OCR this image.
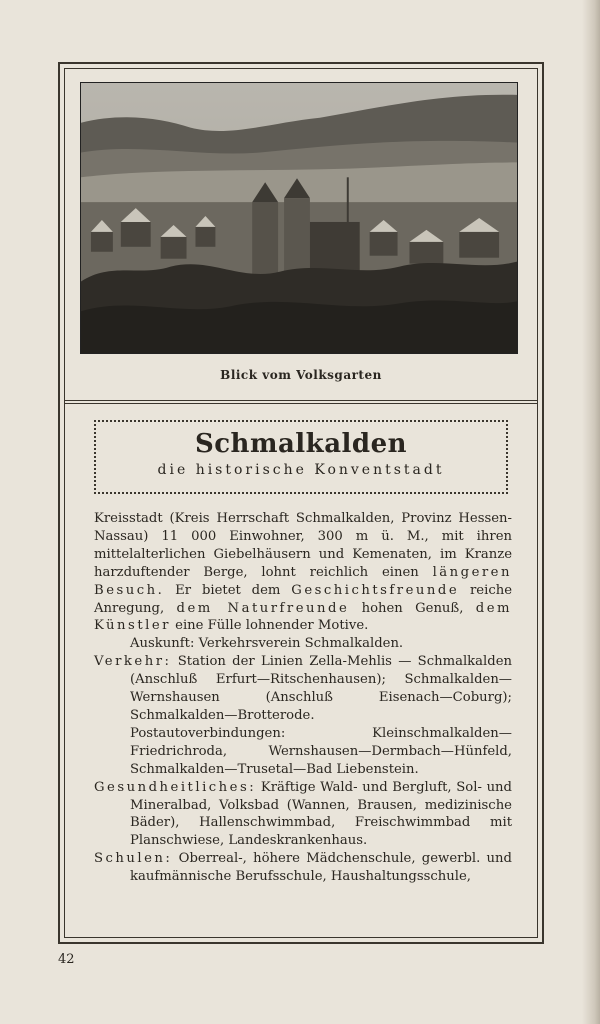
Blick vom Volksgarten
Schmalkalden
die historische Konventstadt

Kreisstadt (Kreis Herrschaft Schmalkalden, Provinz Hessen-Nassau) 11 000 Einwohner, 300 m ü. M., mit ihren mittelalterlichen Giebelhäusern und Kemenaten, im Kranze harzduftender Berge, lohnt reichlich einen längeren Besuch. Er bietet dem Geschichtsfreunde reiche Anregung, dem Naturfreunde hohen Genuß, dem Künstler eine Fülle lohnender Motive.

Auskunft: Verkehrsverein Schmalkalden.

Verkehr: Station der Linien Zella-Mehlis — Schmalkalden (Anschluß Erfurt—Ritschenhausen); Schmalkalden—Wernshausen (Anschluß Eisenach—Coburg); Schmalkalden—Brotterode.

Postautoverbindungen: Kleinschmalkalden—Friedrichroda, Wernshausen—Dermbach—Hünfeld, Schmalkalden—Trusetal—Bad Liebenstein.

Gesundheitliches: Kräftige Wald- und Bergluft, Sol- und Mineralbad, Volksbad (Wannen, Brausen, medizinische Bäder), Hallenschwimmbad, Freischwimmbad mit Planschwiese, Landeskrankenhaus.

Schulen: Oberreal-, höhere Mädchenschule, gewerbl. und kaufmännische Berufsschule, Haushaltungsschule,

42
